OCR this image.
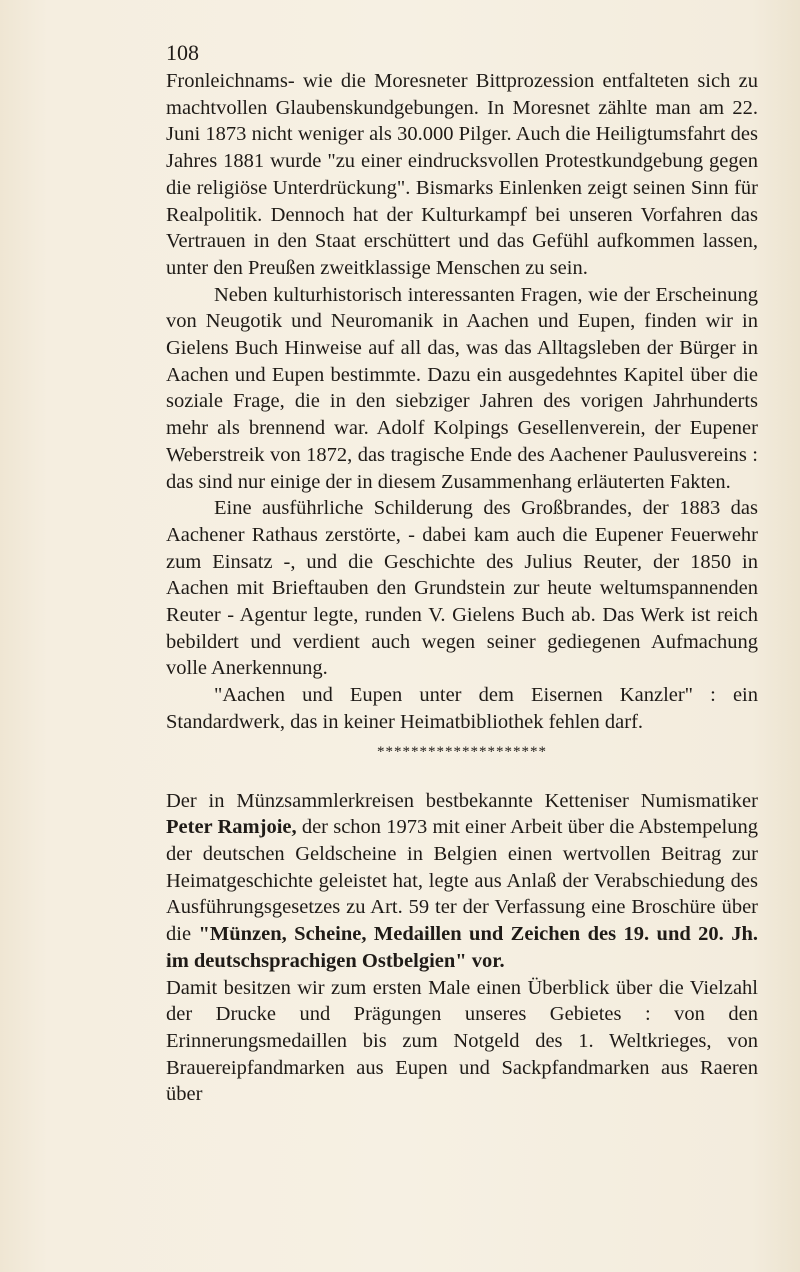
108

Fronleichnams- wie die Moresneter Bittprozession entfalteten sich zu machtvollen Glaubenskundgebungen. In Moresnet zählte man am 22. Juni 1873 nicht weniger als 30.000 Pilger. Auch die Heiligtumsfahrt des Jahres 1881 wurde "zu einer eindrucksvollen Protestkundgebung gegen die religiöse Unterdrückung". Bismarks Einlenken zeigt seinen Sinn für Realpolitik. Dennoch hat der Kulturkampf bei unseren Vorfahren das Vertrauen in den Staat erschüttert und das Gefühl aufkommen lassen, unter den Preußen zweitklassige Menschen zu sein.

Neben kulturhistorisch interessanten Fragen, wie der Erscheinung von Neugotik und Neuromanik in Aachen und Eupen, finden wir in Gielens Buch Hinweise auf all das, was das Alltagsleben der Bürger in Aachen und Eupen bestimmte. Dazu ein ausgedehntes Kapitel über die soziale Frage, die in den siebziger Jahren des vorigen Jahrhunderts mehr als brennend war. Adolf Kolpings Gesellenverein, der Eupener Weberstreik von 1872, das tragische Ende des Aachener Paulusvereins : das sind nur einige der in diesem Zusammenhang erläuterten Fakten.

Eine ausführliche Schilderung des Großbrandes, der 1883 das Aachener Rathaus zerstörte, - dabei kam auch die Eupener Feuerwehr zum Einsatz -, und die Geschichte des Julius Reuter, der 1850 in Aachen mit Brieftauben den Grundstein zur heute weltumspannenden Reuter - Agentur legte, runden V. Gielens Buch ab. Das Werk ist reich bebildert und verdient auch wegen seiner gediegenen Aufmachung volle Anerkennung.

"Aachen und Eupen unter dem Eisernen Kanzler" : ein Standardwerk, das in keiner Heimatbibliothek fehlen darf.

********************

Der in Münzsammlerkreisen bestbekannte Ketteniser Numismatiker Peter Ramjoie, der schon 1973 mit einer Arbeit über die Abstempelung der deutschen Geldscheine in Belgien einen wertvollen Beitrag zur Heimatgeschichte geleistet hat, legte aus Anlaß der Verabschiedung des Ausführungsgesetzes zu Art. 59 ter der Verfassung eine Broschüre über die "Münzen, Scheine, Medaillen und Zeichen des 19. und 20. Jh. im deutschsprachigen Ostbelgien" vor.

Damit besitzen wir zum ersten Male einen Überblick über die Vielzahl der Drucke und Prägungen unseres Gebietes : von den Erinnerungsmedaillen bis zum Notgeld des 1. Weltkrieges, von Brauereipfandmarken aus Eupen und Sackpfandmarken aus Raeren über
